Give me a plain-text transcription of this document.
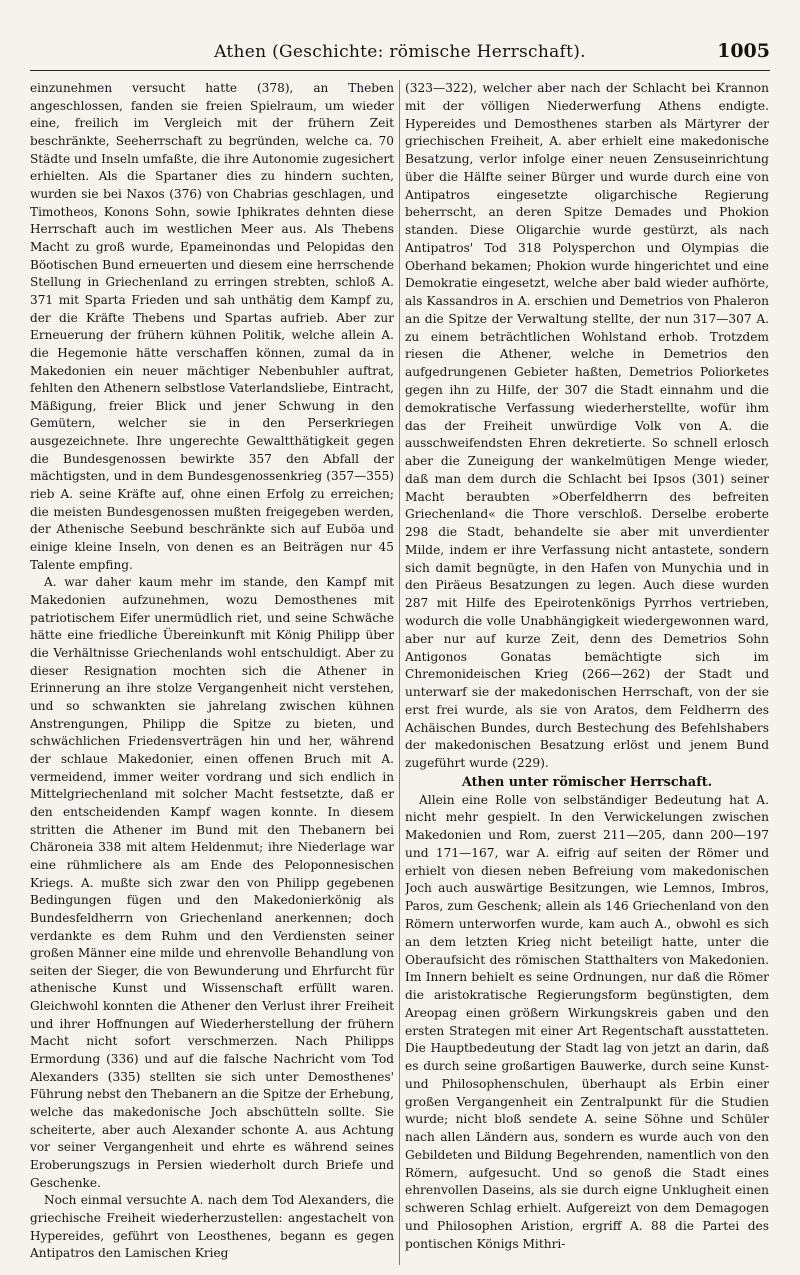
Athen (Geschichte: römische Herrschaft).	1005

einzunehmen versucht hatte (378), an Theben angeschlossen, fanden sie freien Spielraum, um wieder eine, freilich im Vergleich mit der frühern Zeit beschränkte, Seeherrschaft zu begründen, welche ca. 70 Städte und Inseln umfaßte, die ihre Autonomie zugesichert erhielten. Als die Spartaner dies zu hindern suchten, wurden sie bei Naxos (376) von Chabrias geschlagen, und Timotheos, Konons Sohn, sowie Iphikrates dehnten diese Herrschaft auch im westlichen Meer aus. Als Thebens Macht zu groß wurde, Epameinondas und Pelopidas den Böotischen Bund erneuerten und diesem eine herrschende Stellung in Griechenland zu erringen strebten, schloß A. 371 mit Sparta Frieden und sah unthätig dem Kampf zu, der die Kräfte Thebens und Spartas aufrieb. Aber zur Erneuerung der frühern kühnen Politik, welche allein A. die Hegemonie hätte verschaffen können, zumal da in Makedonien ein neuer mächtiger Nebenbuhler auftrat, fehlten den Athenern selbstlose Vaterlandsliebe, Eintracht, Mäßigung, freier Blick und jener Schwung in den Gemütern, welcher sie in den Perserkriegen ausgezeichnete. Ihre ungerechte Gewaltthätigkeit gegen die Bundesgenossen bewirkte 357 den Abfall der mächtigsten, und in dem Bundesgenossenkrieg (357—355) rieb A. seine Kräfte auf, ohne einen Erfolg zu erreichen; die meisten Bundesgenossen mußten freigegeben werden, der Athenische Seebund beschränkte sich auf Euböa und einige kleine Inseln, von denen es an Beiträgen nur 45 Talente empfing.

A. war daher kaum mehr im stande, den Kampf mit Makedonien aufzunehmen, wozu Demosthenes mit patriotischem Eifer unermüdlich riet, und seine Schwäche hätte eine friedliche Übereinkunft mit König Philipp über die Verhältnisse Griechenlands wohl entschuldigt. Aber zu dieser Resignation mochten sich die Athener in Erinnerung an ihre stolze Vergangenheit nicht verstehen, und so schwankten sie jahrelang zwischen kühnen Anstrengungen, Philipp die Spitze zu bieten, und schwächlichen Friedensverträgen hin und her, während der schlaue Makedonier, einen offenen Bruch mit A. vermeidend, immer weiter vordrang und sich endlich in Mittelgriechenland mit solcher Macht festsetzte, daß er den entscheidenden Kampf wagen konnte. In diesem stritten die Athener im Bund mit den Thebanern bei Chäroneia 338 mit altem Heldenmut; ihre Niederlage war eine rühmlichere als am Ende des Peloponnesischen Kriegs. A. mußte sich zwar den von Philipp gegebenen Bedingungen fügen und den Makedonierkönig als Bundesfeldherrn von Griechenland anerkennen; doch verdankte es dem Ruhm und den Verdiensten seiner großen Männer eine milde und ehrenvolle Behandlung von seiten der Sieger, die von Bewunderung und Ehrfurcht für athenische Kunst und Wissenschaft erfüllt waren. Gleichwohl konnten die Athener den Verlust ihrer Freiheit und ihrer Hoffnungen auf Wiederherstellung der frühern Macht nicht sofort verschmerzen. Nach Philipps Ermordung (336) und auf die falsche Nachricht vom Tod Alexanders (335) stellten sie sich unter Demosthenes' Führung nebst den Thebanern an die Spitze der Erhebung, welche das makedonische Joch abschütteln sollte. Sie scheiterte, aber auch Alexander schonte A. aus Achtung vor seiner Vergangenheit und ehrte es während seines Eroberungszugs in Persien wiederholt durch Briefe und Geschenke.

Noch einmal versuchte A. nach dem Tod Alexanders, die griechische Freiheit wiederherzustellen: angestachelt von Hypereides, geführt von Leosthenes, begann es gegen Antipatros den Lamischen Krieg

(323—322), welcher aber nach der Schlacht bei Krannon mit der völligen Niederwerfung Athens endigte. Hypereides und Demosthenes starben als Märtyrer der griechischen Freiheit, A. aber erhielt eine makedonische Besatzung, verlor infolge einer neuen Zensuseinrichtung über die Hälfte seiner Bürger und wurde durch eine von Antipatros eingesetzte oligarchische Regierung beherrscht, an deren Spitze Demades und Phokion standen. Diese Oligarchie wurde gestürzt, als nach Antipatros' Tod 318 Polysperchon und Olympias die Oberhand bekamen; Phokion wurde hingerichtet und eine Demokratie eingesetzt, welche aber bald wieder aufhörte, als Kassandros in A. erschien und Demetrios von Phaleron an die Spitze der Verwaltung stellte, der nun 317—307 A. zu einem beträchtlichen Wohlstand erhob. Trotzdem riesen die Athener, welche in Demetrios den aufgedrungenen Gebieter haßten, Demetrios Poliorketes gegen ihn zu Hilfe, der 307 die Stadt einnahm und die demokratische Verfassung wiederherstellte, wofür ihm das der Freiheit unwürdige Volk von A. die ausschweifendsten Ehren dekretierte. So schnell erlosch aber die Zuneigung der wankelmütigen Menge wieder, daß man dem durch die Schlacht bei Ipsos (301) seiner Macht beraubten »Oberfeldherrn des befreiten Griechenland« die Thore verschloß. Derselbe eroberte 298 die Stadt, behandelte sie aber mit unverdienter Milde, indem er ihre Verfassung nicht antastete, sondern sich damit begnügte, in den Hafen von Munychia und in den Piräeus Besatzungen zu legen. Auch diese wurden 287 mit Hilfe des Epeirotenkönigs Pyrrhos vertrieben, wodurch die volle Unabhängigkeit wiedergewonnen ward, aber nur auf kurze Zeit, denn des Demetrios Sohn Antigonos Gonatas bemächtigte sich im Chremonideischen Krieg (266—262) der Stadt und unterwarf sie der makedonischen Herrschaft, von der sie erst frei wurde, als sie von Aratos, dem Feldherrn des Achäischen Bundes, durch Bestechung des Befehlshabers der makedonischen Besatzung erlöst und jenem Bund zugeführt wurde (229).

Athen unter römischer Herrschaft.

Allein eine Rolle von selbständiger Bedeutung hat A. nicht mehr gespielt. In den Verwickelungen zwischen Makedonien und Rom, zuerst 211—205, dann 200—197 und 171—167, war A. eifrig auf seiten der Römer und erhielt von diesen neben Befreiung vom makedonischen Joch auch auswärtige Besitzungen, wie Lemnos, Imbros, Paros, zum Geschenk; allein als 146 Griechenland von den Römern unterworfen wurde, kam auch A., obwohl es sich an dem letzten Krieg nicht beteiligt hatte, unter die Oberaufsicht des römischen Statthalters von Makedonien. Im Innern behielt es seine Ordnungen, nur daß die Römer die aristokratische Regierungsform begünstigten, dem Areopag einen größern Wirkungskreis gaben und den ersten Strategen mit einer Art Regentschaft ausstatteten. Die Hauptbedeutung der Stadt lag von jetzt an darin, daß es durch seine großartigen Bauwerke, durch seine Kunst- und Philosophenschulen, überhaupt als Erbin einer großen Vergangenheit ein Zentralpunkt für die Studien wurde; nicht bloß sendete A. seine Söhne und Schüler nach allen Ländern aus, sondern es wurde auch von den Gebildeten und Bildung Begehrenden, namentlich von den Römern, aufgesucht. Und so genoß die Stadt eines ehrenvollen Daseins, als sie durch eigne Unklugheit einen schweren Schlag erhielt. Aufgereizt von dem Demagogen und Philosophen Aristion, ergriff A. 88 die Partei des pontischen Königs Mithri-
